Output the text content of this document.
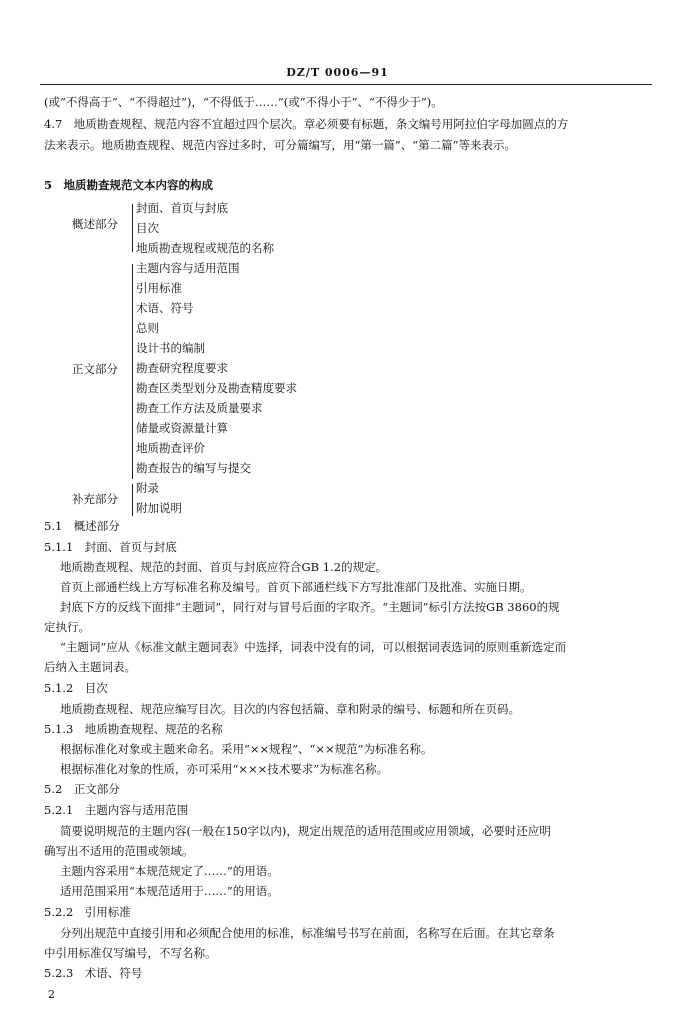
DZ/T 0006—91
(或“不得高于”、“不得超过”)，“不得低于……”(或“不得小于”、“不得少于”)。
4.7　地质勘查规程、规范内容不宜超过四个层次。章必须要有标题，条文编号用阿拉伯字母加圆点的方
法来表示。地质勘查规程、规范内容过多时，可分篇编写，用“第一篇”、“第二篇”等来表示。
5　地质勘查规范文本内容的构成
概述部分
封面、首页与封底
目次
地质勘查规程或规范的名称
正文部分
主题内容与适用范围
引用标准
术语、符号
总则
设计书的编制
勘查研究程度要求
勘查区类型划分及勘查精度要求
勘查工作方法及质量要求
储量或资源量计算
地质勘查评价
勘查报告的编写与提交
补充部分
附录
附加说明
5.1　概述部分
5.1.1　封面、首页与封底
地质勘查规程、规范的封面、首页与封底应符合GB 1.2的规定。
首页上部通栏线上方写标准名称及编号。首页下部通栏线下方写批准部门及批准、实施日期。
封底下方的反线下面排“主题词”，同行对与冒号后面的字取齐。“主题词”标引方法按GB 3860的规
定执行。
“主题词”应从《标准文献主题词表》中选择，词表中没有的词，可以根据词表选词的原则重新选定而
后纳入主题词表。
5.1.2　目次
地质勘查规程、规范应编写目次。目次的内容包括篇、章和附录的编号、标题和所在页码。
5.1.3　地质勘查规程、规范的名称
根据标准化对象或主题来命名。采用“××规程”、“××规范”为标准名称。
根据标准化对象的性质，亦可采用“×××技术要求”为标准名称。
5.2　正文部分
5.2.1　主题内容与适用范围
简要说明规范的主题内容(一般在150字以内)，规定出规范的适用范围或应用领域，必要时还应明
确写出不适用的范围或领域。
主题内容采用“本规范规定了……”的用语。
适用范围采用“本规范适用于……”的用语。
5.2.2　引用标准
分列出规范中直接引用和必须配合使用的标准，标准编号书写在前面，名称写在后面。在其它章条
中引用标准仅写编号，不写名称。
5.2.3　术语、符号
2
